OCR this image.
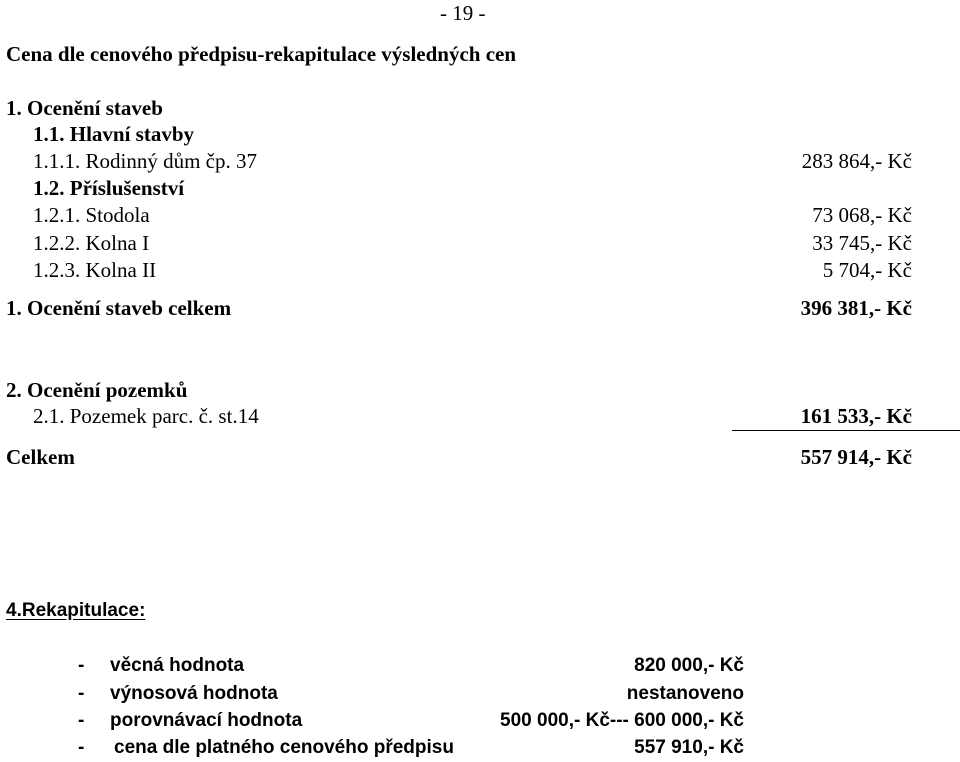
- 19 -
Cena dle cenového předpisu-rekapitulace výsledných cen
1. Ocenění staveb
1.1. Hlavní stavby
1.1.1. Rodinný dům čp. 37	283 864,- Kč
1.2. Příslušenství
1.2.1. Stodola	73 068,- Kč
1.2.2. Kolna I	33 745,- Kč
1.2.3. Kolna II	5 704,- Kč
1. Ocenění staveb celkem	396 381,- Kč
2. Ocenění pozemků
2.1. Pozemek parc. č. st.14	161 533,- Kč
Celkem	557 914,- Kč
4.Rekapitulace:
- věcná hodnota	820 000,- Kč
- výnosová hodnota	nestanoveno
- porovnávací hodnota	500 000,- Kč--- 600 000,- Kč
- cena dle platného cenového předpisu	557 910,- Kč
